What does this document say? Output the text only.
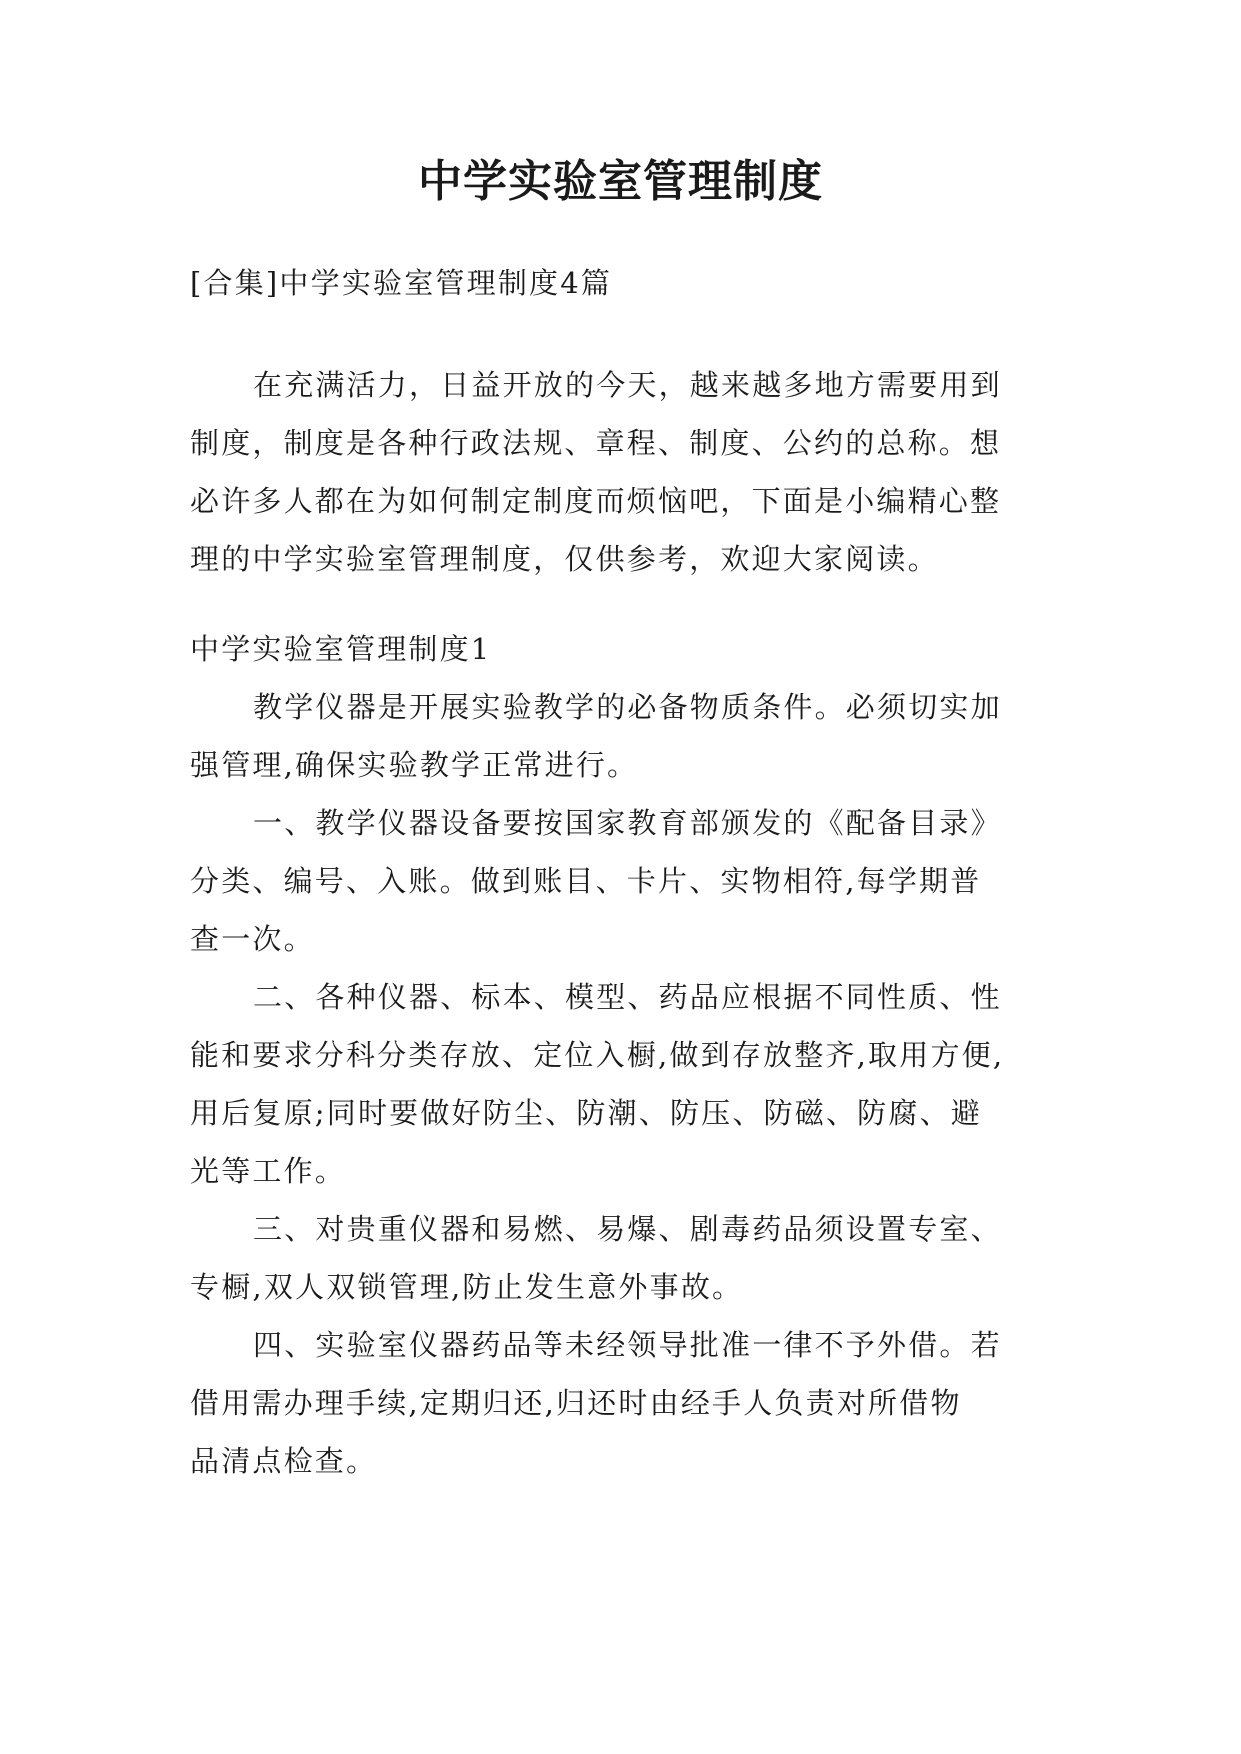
中学实验室管理制度
[合集]中学实验室管理制度4篇
在充满活力，日益开放的今天，越来越多地方需要用到
制度，制度是各种行政法规、章程、制度、公约的总称。想
必许多人都在为如何制定制度而烦恼吧，下面是小编精心整
理的中学实验室管理制度，仅供参考，欢迎大家阅读。
中学实验室管理制度1
教学仪器是开展实验教学的必备物质条件。必须切实加
强管理,确保实验教学正常进行。
一、教学仪器设备要按国家教育部颁发的《配备目录》
分类、编号、入账。做到账目、卡片、实物相符,每学期普
查一次。
二、各种仪器、标本、模型、药品应根据不同性质、性
能和要求分科分类存放、定位入橱,做到存放整齐,取用方便,
用后复原;同时要做好防尘、防潮、防压、防磁、防腐、避
光等工作。
三、对贵重仪器和易燃、易爆、剧毒药品须设置专室、
专橱,双人双锁管理,防止发生意外事故。
四、实验室仪器药品等未经领导批准一律不予外借。若
借用需办理手续,定期归还,归还时由经手人负责对所借物
品清点检查。
